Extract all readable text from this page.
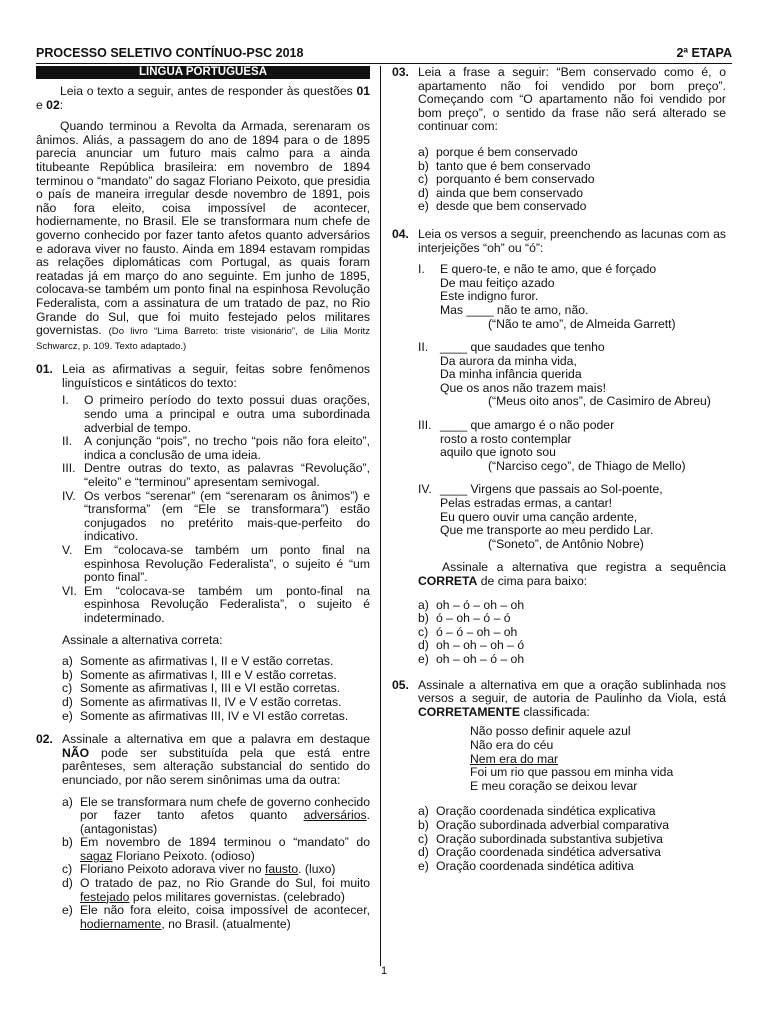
PROCESSO SELETIVO CONTÍNUO-PSC 2018	2ª ETAPA
LÍNGUA PORTUGUESA

Leia o texto a seguir, antes de responder às questões 01 e 02:

Quando terminou a Revolta da Armada, serenaram os ânimos. Aliás, a passagem do ano de 1894 para o de 1895 parecia anunciar um futuro mais calmo para a ainda titubeante República brasileira: em novembro de 1894 terminou o “mandato” do sagaz Floriano Peixoto, que presidia o país de maneira irregular desde novembro de 1891, pois não fora eleito, coisa impossível de acontecer, hodiernamente, no Brasil. Ele se transformara num chefe de governo conhecido por fazer tanto afetos quanto adversários e adorava viver no fausto. Ainda em 1894 estavam rompidas as relações diplomáticas com Portugal, as quais foram reatadas já em março do ano seguinte. Em junho de 1895, colocava-se também um ponto final na espinhosa Revolução Federalista, com a assinatura de um tratado de paz, no Rio Grande do Sul, que foi muito festejado pelos militares governistas. (Do livro “Lima Barreto: triste visionário”, de Lilia Moritz Schwarcz, p. 109. Texto adaptado.)

01. Leia as afirmativas a seguir, feitas sobre fenômenos linguísticos e sintáticos do texto:

I.	O primeiro período do texto possui duas orações, sendo uma a principal e outra uma subordinada adverbial de tempo.
II. A conjunção “pois”, no trecho “pois não fora eleito”, indica a conclusão de uma ideia.
III. Dentre outras do texto, as palavras “Revolução”, “eleito” e “terminou” apresentam semivogal.
IV. Os verbos “serenar” (em “serenaram os ânimos”) e “transforma” (em “Ele se transformara”) estão conjugados no pretérito mais-que-perfeito do indicativo.
V. Em “colocava-se também um ponto final na espinhosa Revolução Federalista”, o sujeito é “um ponto final”.
VI. Em “colocava-se também um ponto-final na espinhosa Revolução Federalista”, o sujeito é indeterminado.

Assinale a alternativa correta:

a) Somente as afirmativas I, II e V estão corretas.
b) Somente as afirmativas I, III e V estão corretas.
c) Somente as afirmativas I, III e VI estão corretas.
d) Somente as afirmativas II, IV e V estão corretas.
e) Somente as afirmativas III, IV e VI estão corretas.
02. Assinale a alternativa em que a palavra em destaque NÃO pode ser substituída pela que está entre parênteses, sem alteração substancial do sentido do enunciado, por não serem sinônimas uma da outra:
a) Ele se transformara num chefe de governo conhecido por fazer tanto afetos quanto adversários. (antagonistas)
b) Em novembro de 1894 terminou o “mandato” do sagaz Floriano Peixoto. (odioso)
c) Floriano Peixoto adorava viver no fausto. (luxo)
d) O tratado de paz, no Rio Grande do Sul, foi muito festejado pelos militares governistas. (celebrado)
e) Ele não fora eleito, coisa impossível de acontecer, hodiernamente, no Brasil. (atualmente)
03. Leia a frase a seguir: “Bem conservado como é, o apartamento não foi vendido por bom preço”. Começando com “O apartamento não foi vendido por bom preço”, o sentido da frase não será alterado se continuar com:
a) porque é bem conservado
b) tanto que é bem conservado
c) porquanto é bem conservado
d) ainda que bem conservado
e) desde que bem conservado
04. Leia os versos a seguir, preenchendo as lacunas com as interjeições “oh” ou “ó”:
I.	E quero-te, e não te amo, que é forçado
De mau feitiço azado
Este indigno furor.
Mas ____ não te amo, não.
(“Não te amo”, de Almeida Garrett)
II. ____ que saudades que tenho
Da aurora da minha vida,
Da minha infância querida
Que os anos não trazem mais!
(“Meus oito anos”, de Casimiro de Abreu)
III. ____ que amargo é o não poder
rosto a rosto contemplar
aquilo que ignoto sou
(“Narciso cego”, de Thiago de Mello)
IV. ____ Virgens que passais ao Sol-poente,
Pelas estradas ermas, a cantar!
Eu quero ouvir uma canção ardente,
Que me transporte ao meu perdido Lar.
(“Soneto”, de Antônio Nobre)

Assinale a alternativa que registra a sequência CORRETA de cima para baixo:

a) oh – ó – oh – oh
b) ó – oh – ó – ó
c) ó – ó – oh – oh
d) oh – oh – oh – ó
e) oh – oh – ó – oh
05. Assinale a alternativa em que a oração sublinhada nos versos a seguir, de autoria de Paulinho da Viola, está CORRETAMENTE classificada:
Não posso definir aquele azul
Não era do céu
Nem era do mar
Foi um rio que passou em minha vida
E meu coração se deixou levar
a) Oração coordenada sindética explicativa
b) Oração subordinada adverbial comparativa
c) Oração subordinada substantiva subjetiva
d) Oração coordenada sindética adversativa
e) Oração coordenada sindética aditiva
1
